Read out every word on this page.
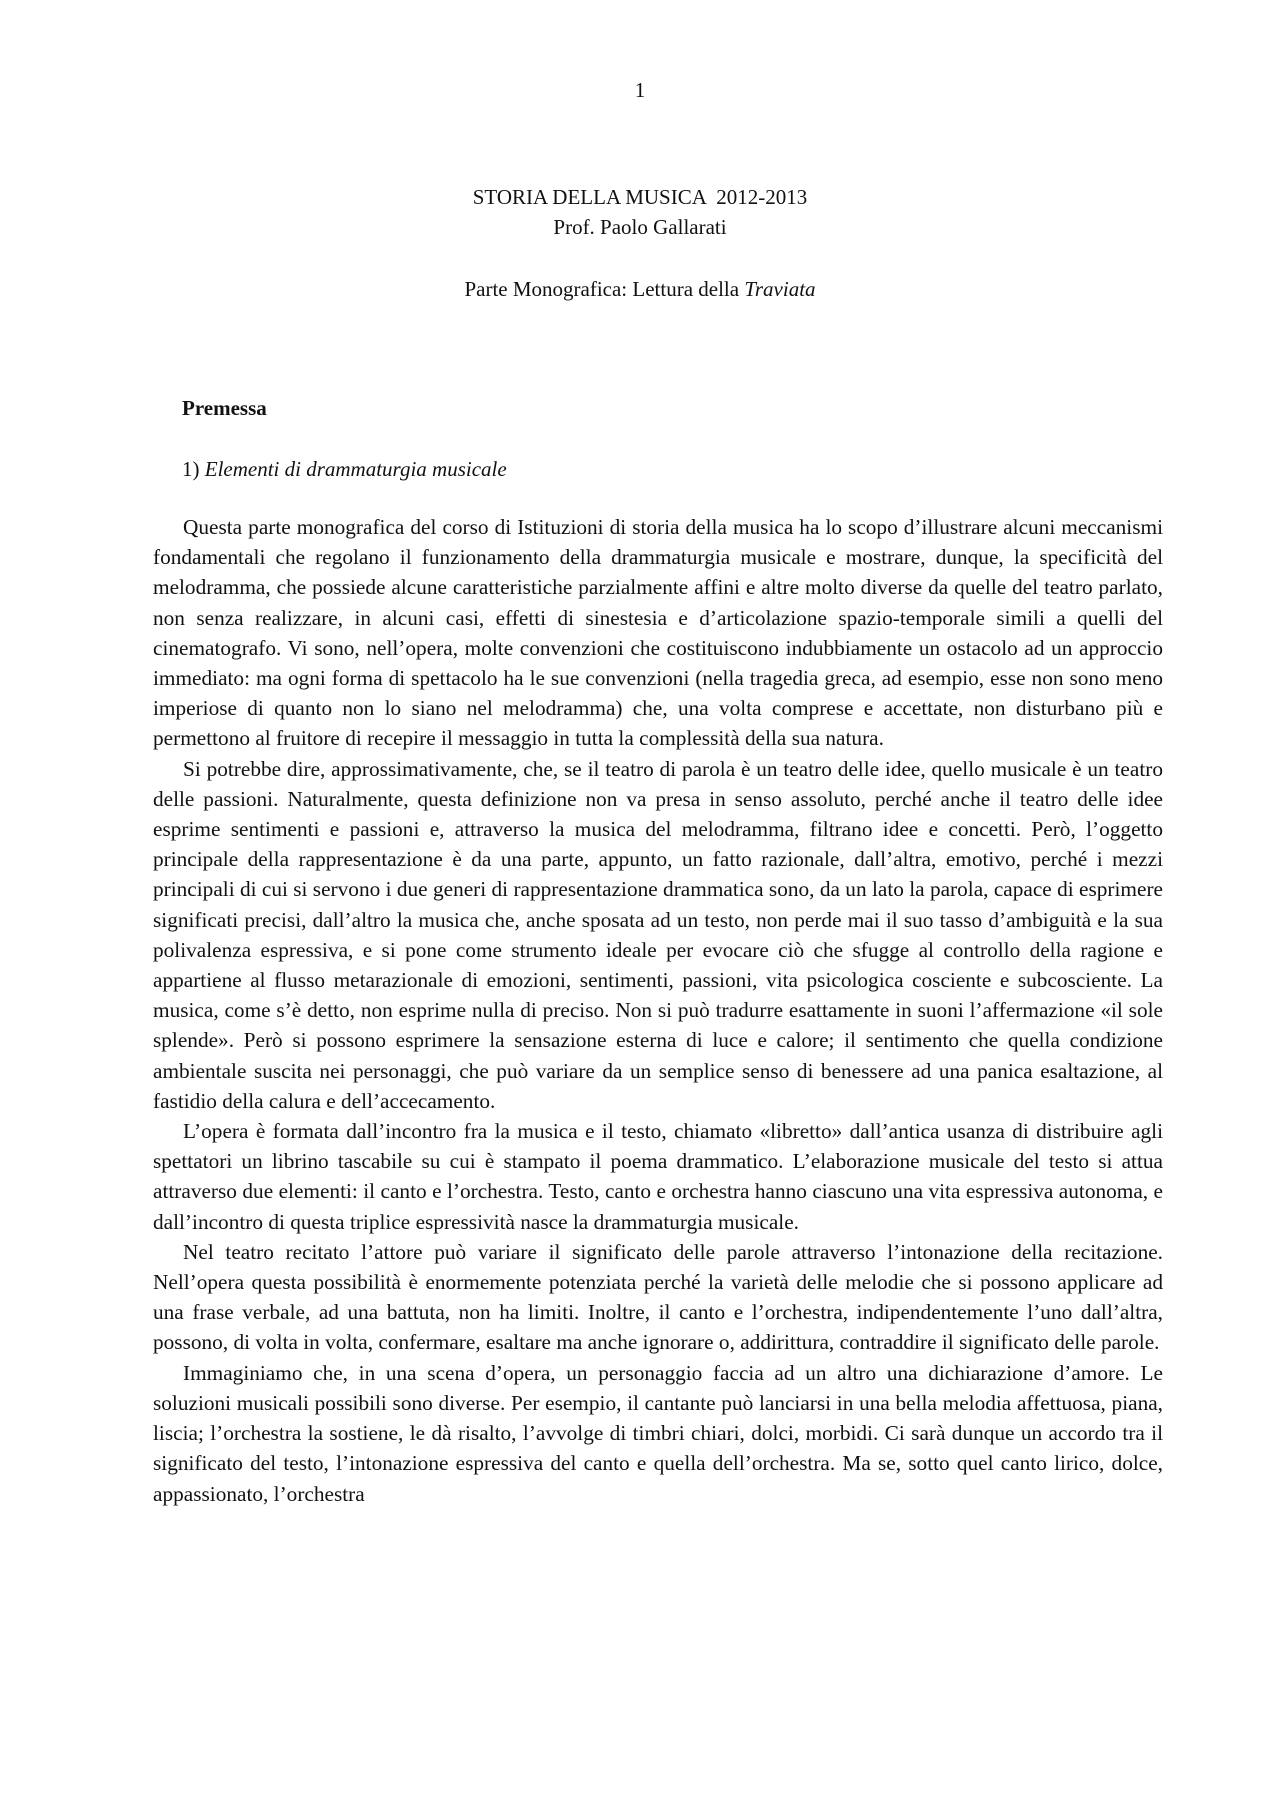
1
STORIA DELLA MUSICA  2012-2013
Prof. Paolo Gallarati
Parte Monografica: Lettura della Traviata
Premessa
1) Elementi di drammaturgia musicale

Questa parte monografica del corso di Istituzioni di storia della musica ha lo scopo d’illustrare alcuni meccanismi fondamentali che regolano il funzionamento della drammaturgia musicale e mostrare, dunque, la specificità del melodramma, che possiede alcune caratteristiche parzialmente affini e altre molto diverse da quelle del teatro parlato, non senza realizzare, in alcuni casi, effetti di sinestesia e d’articolazione spazio-temporale simili a quelli del cinematografo. Vi sono, nell’opera, molte convenzioni che costituiscono indubbiamente un ostacolo ad un approccio immediato: ma ogni forma di spettacolo ha le sue convenzioni (nella tragedia greca, ad esempio, esse non sono meno imperiose di quanto non lo siano nel melodramma) che, una volta comprese e accettate, non disturbano più e permettono al fruitore di recepire il messaggio in tutta la complessità della sua natura.

Si potrebbe dire, approssimativamente, che, se il teatro di parola è un teatro delle idee, quello musicale è un teatro delle passioni. Naturalmente, questa definizione non va presa in senso assoluto, perché anche il teatro delle idee esprime sentimenti e passioni e, attraverso la musica del melodramma, filtrano idee e concetti. Però, l’oggetto principale della rappresentazione è da una parte, appunto, un fatto razionale, dall’altra, emotivo, perché i mezzi principali di cui si servono i due generi di rappresentazione drammatica sono, da un lato la parola, capace di esprimere significati precisi, dall’altro la musica che, anche sposata ad un testo, non perde mai il suo tasso d’ambiguità e la sua polivalenza espressiva, e si pone come strumento ideale per evocare ciò che sfugge al controllo della ragione e appartiene al flusso metarazionale di emozioni, sentimenti, passioni, vita psicologica cosciente e subcosciente. La musica, come s’è detto, non esprime nulla di preciso. Non si può tradurre esattamente in suoni l’affermazione «il sole splende». Però si possono esprimere la sensazione esterna di luce e calore; il sentimento che quella condizione ambientale suscita nei personaggi, che può variare da un semplice senso di benessere ad una panica esaltazione, al fastidio della calura e dell’accecamento.

L’opera è formata dall’incontro fra la musica e il testo, chiamato «libretto» dall’antica usanza di distribuire agli spettatori un librino tascabile su cui è stampato il poema drammatico. L’elaborazione musicale del testo si attua attraverso due elementi: il canto e l’orchestra. Testo, canto e orchestra hanno ciascuno una vita espressiva autonoma, e dall’incontro di questa triplice espressività nasce la drammaturgia musicale.

Nel teatro recitato l’attore può variare il significato delle parole attraverso l’intonazione della recitazione. Nell’opera questa possibilità è enormemente potenziata perché la varietà delle melodie che si possono applicare ad una frase verbale, ad una battuta, non ha limiti. Inoltre, il canto e l’orchestra, indipendentemente l’uno dall’altra, possono, di volta in volta, confermare, esaltare ma anche ignorare o, addirittura, contraddire il significato delle parole.

Immaginiamo che, in una scena d’opera, un personaggio faccia ad un altro una dichiarazione d’amore. Le soluzioni musicali possibili sono diverse. Per esempio, il cantante può lanciarsi in una bella melodia affettuosa, piana, liscia; l’orchestra la sostiene, le dà risalto, l’avvolge di timbri chiari, dolci, morbidi. Ci sarà dunque un accordo tra il significato del testo, l’intonazione espressiva del canto e quella dell’orchestra. Ma se, sotto quel canto lirico, dolce, appassionato, l’orchestra
